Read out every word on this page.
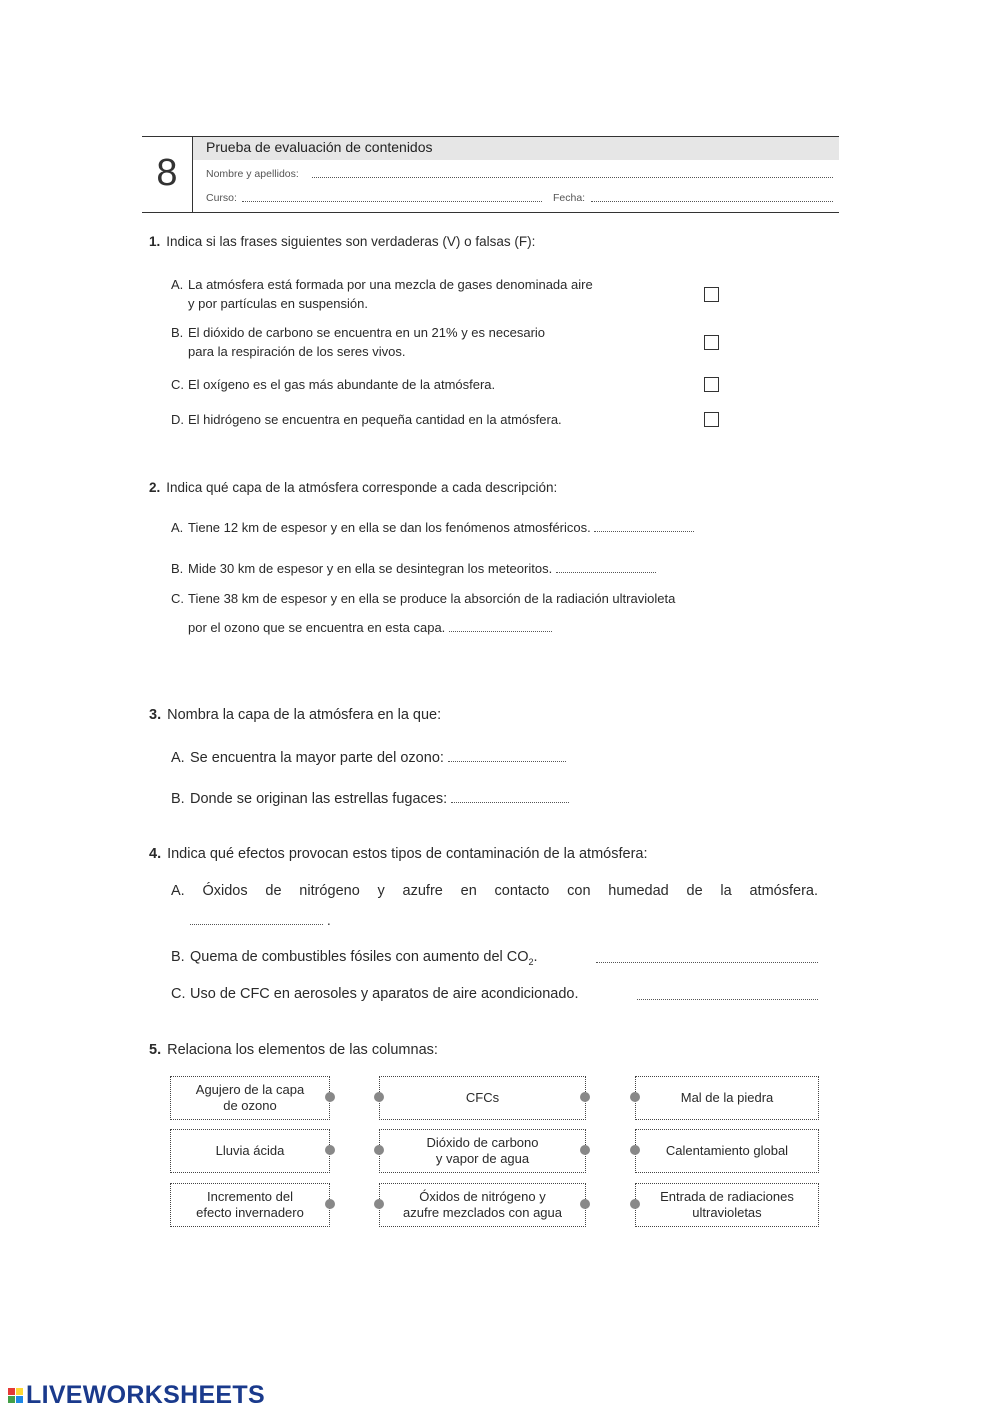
8
Prueba de evaluación de contenidos
Nombre y apellidos:
Curso:	Fecha:
1. Indica si las frases siguientes son verdaderas (V) o falsas (F):
A. La atmósfera está formada por una mezcla de gases denominada aire
y por partículas en suspensión.
B. El dióxido de carbono se encuentra en un 21% y es necesario
para la respiración de los seres vivos.
C. El oxígeno es el gas más abundante de la atmósfera.
D. El hidrógeno se encuentra en pequeña cantidad en la atmósfera.
2. Indica qué capa de la atmósfera corresponde a cada descripción:
A. Tiene 12 km de espesor y en ella se dan los fenómenos atmosféricos.
B. Mide 30 km de espesor y en ella se desintegran los meteoritos.
C. Tiene 38 km de espesor y en ella se produce la absorción de la radiación ultravioleta
por el ozono que se encuentra en esta capa.
3. Nombra la capa de la atmósfera en la que:
A. Se encuentra la mayor parte del ozono:
B. Donde se originan las estrellas fugaces:
4. Indica qué efectos provocan estos tipos de contaminación de la atmósfera:
A. Óxidos de nitrógeno y azufre en contacto con humedad de la atmósfera.
.
B. Quema de combustibles fósiles con aumento del $CO_2$.
C. Uso de CFC en aerosoles y aparatos de aire acondicionado.
5. Relaciona los elementos de las columnas:
Agujero de la capa
de ozono
Lluvia ácida
Incremento del
efecto invernadero
CFCs
Dióxido de carbono
y vapor de agua
Óxidos de nitrógeno y
azufre mezclados con agua
Mal de la piedra
Calentamiento global
Entrada de radiaciones
ultravioletas
LIVEWORKSHEETS
